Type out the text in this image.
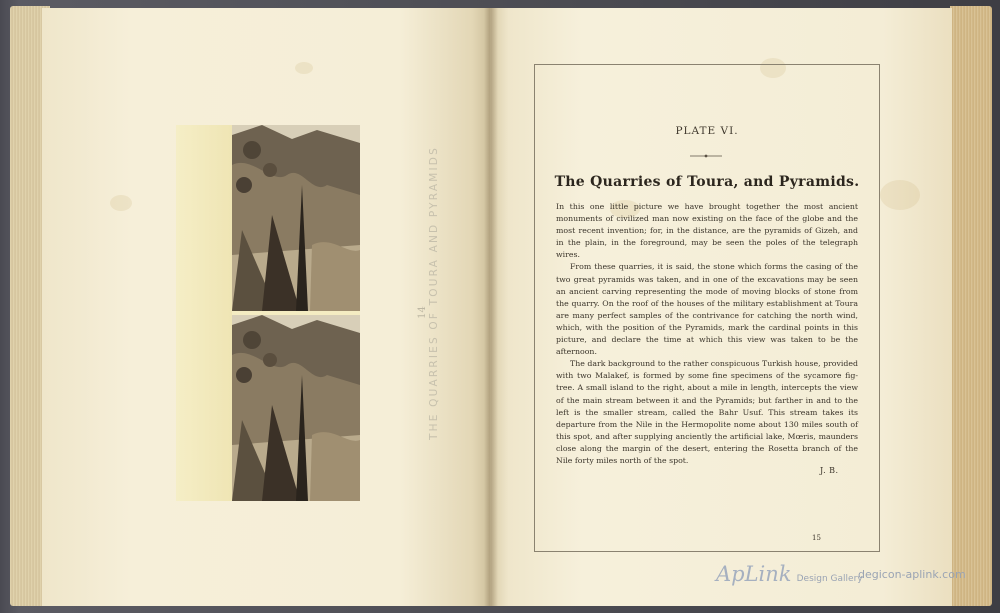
THE QUARRIES OF TOURA AND PYRAMIDS
14
PLATE VI.
The Quarries of Toura, and Pyramids.

In this one little picture we have brought together the most ancient monuments of civilized man now existing on the face of the globe and the most recent invention; for, in the distance, are the pyramids of Gizeh, and in the plain, in the foreground, may be seen the poles of the telegraph wires.

From these quarries, it is said, the stone which forms the casing of the two great pyramids was taken, and in one of the excavations may be seen an ancient carving representing the mode of moving blocks of stone from the quarry. On the roof of the houses of the military establishment at Toura are many perfect samples of the contrivance for catching the north wind, which, with the position of the Pyramids, mark the cardinal points in this picture, and declare the time at which this view was taken to be the afternoon.

The dark background to the rather conspicuous Turkish house, provided with two Malakef, is formed by some fine specimens of the sycamore fig-tree. A small island to the right, about a mile in length, intercepts the view of the main stream between it and the Pyramids; but farther in and to the left is the smaller stream, called the Bahr Usuf. This stream takes its departure from the Nile in the Hermopolite nome about 130 miles south of this spot, and after supplying anciently the artificial lake, Mœris, maunders close along the margin of the desert, entering the Rosetta branch of the Nile forty miles north of the spot.

J. B.
15
ApLink Design Gallery
degicon-aplink.com
